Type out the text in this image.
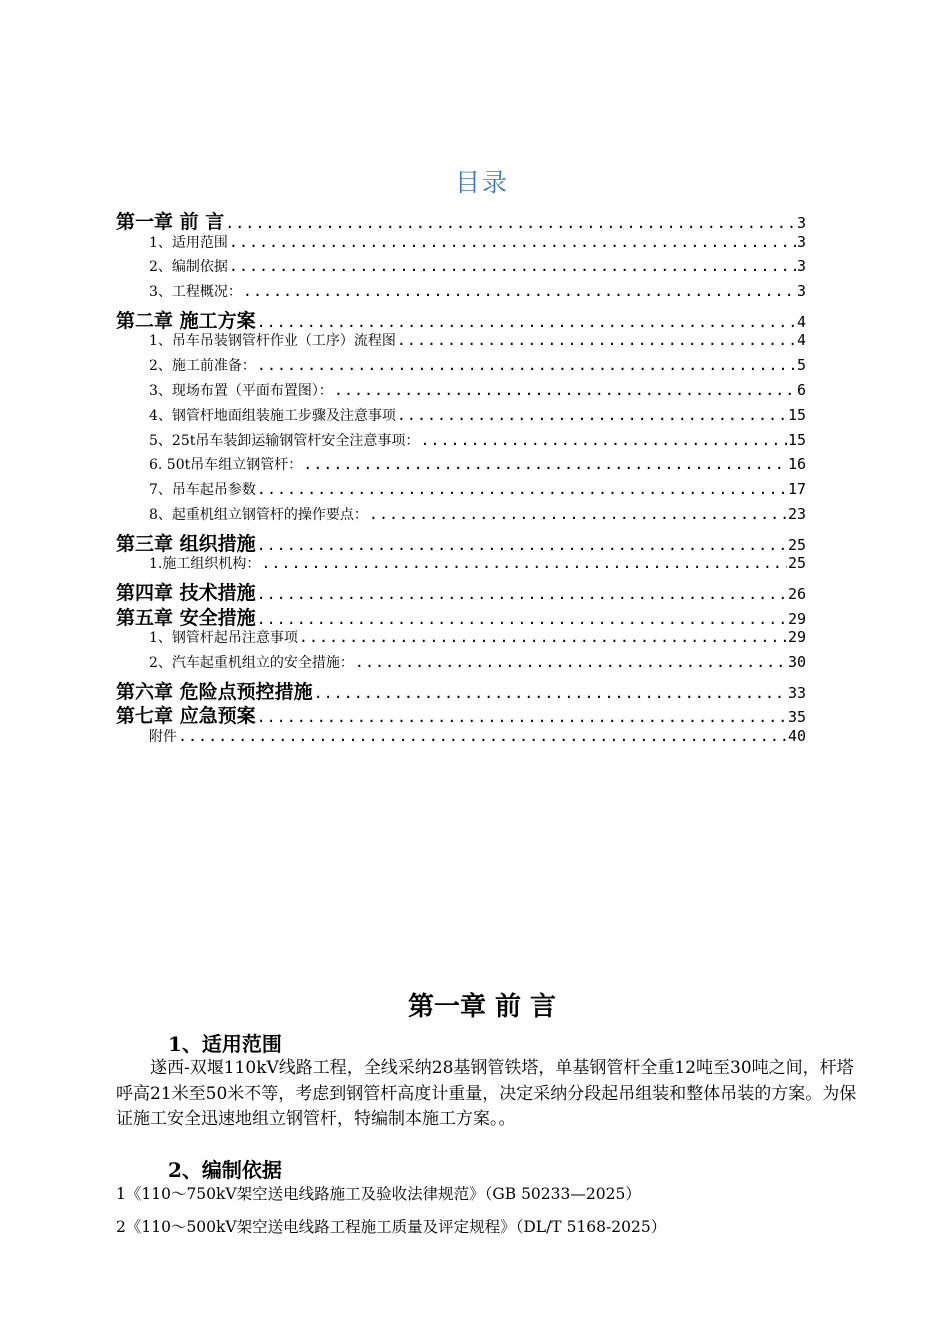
目录
第一章 前 言 .....	3
1、适用范围 .....	3
2、编制依据 .....	3
3、工程概况： .....	3
第二章 施工方案 .....	4
1、吊车吊装钢管杆作业（工序）流程图 .....	4
2、施工前准备： .....	5
3、现场布置（平面布置图）： .....	6
4、钢管杆地面组装施工步骤及注意事项 .....	15
5、25t吊车装卸运输钢管杆安全注意事项： .....	15
6. 50t吊车组立钢管杆： .....	16
7、吊车起吊参数 .....	17
8、起重机组立钢管杆的操作要点： .....	23
第三章 组织措施 .....	25
1.施工组织机构： .....	25
第四章 技术措施 .....	26
第五章 安全措施 .....	29
1、钢管杆起吊注意事项 .....	29
2、汽车起重机组立的安全措施： .....	30
第六章 危险点预控措施 .....	33
第七章 应急预案 .....	35
附件 .....	40
第一章 前 言
1、适用范围
遂西-双堰110kV线路工程，全线采纳28基钢管铁塔，单基钢管杆全重12吨至30吨之间，杆塔呼高21米至50米不等，考虑到钢管杆高度计重量，决定采纳分段起吊组装和整体吊装的方案。为保证施工安全迅速地组立钢管杆，特编制本施工方案。。
2、编制依据
1《110～750kV架空送电线路施工及验收法律规范》（GB 50233—2025）
2《110～500kV架空送电线路工程施工质量及评定规程》（DL/T 5168-2025）
